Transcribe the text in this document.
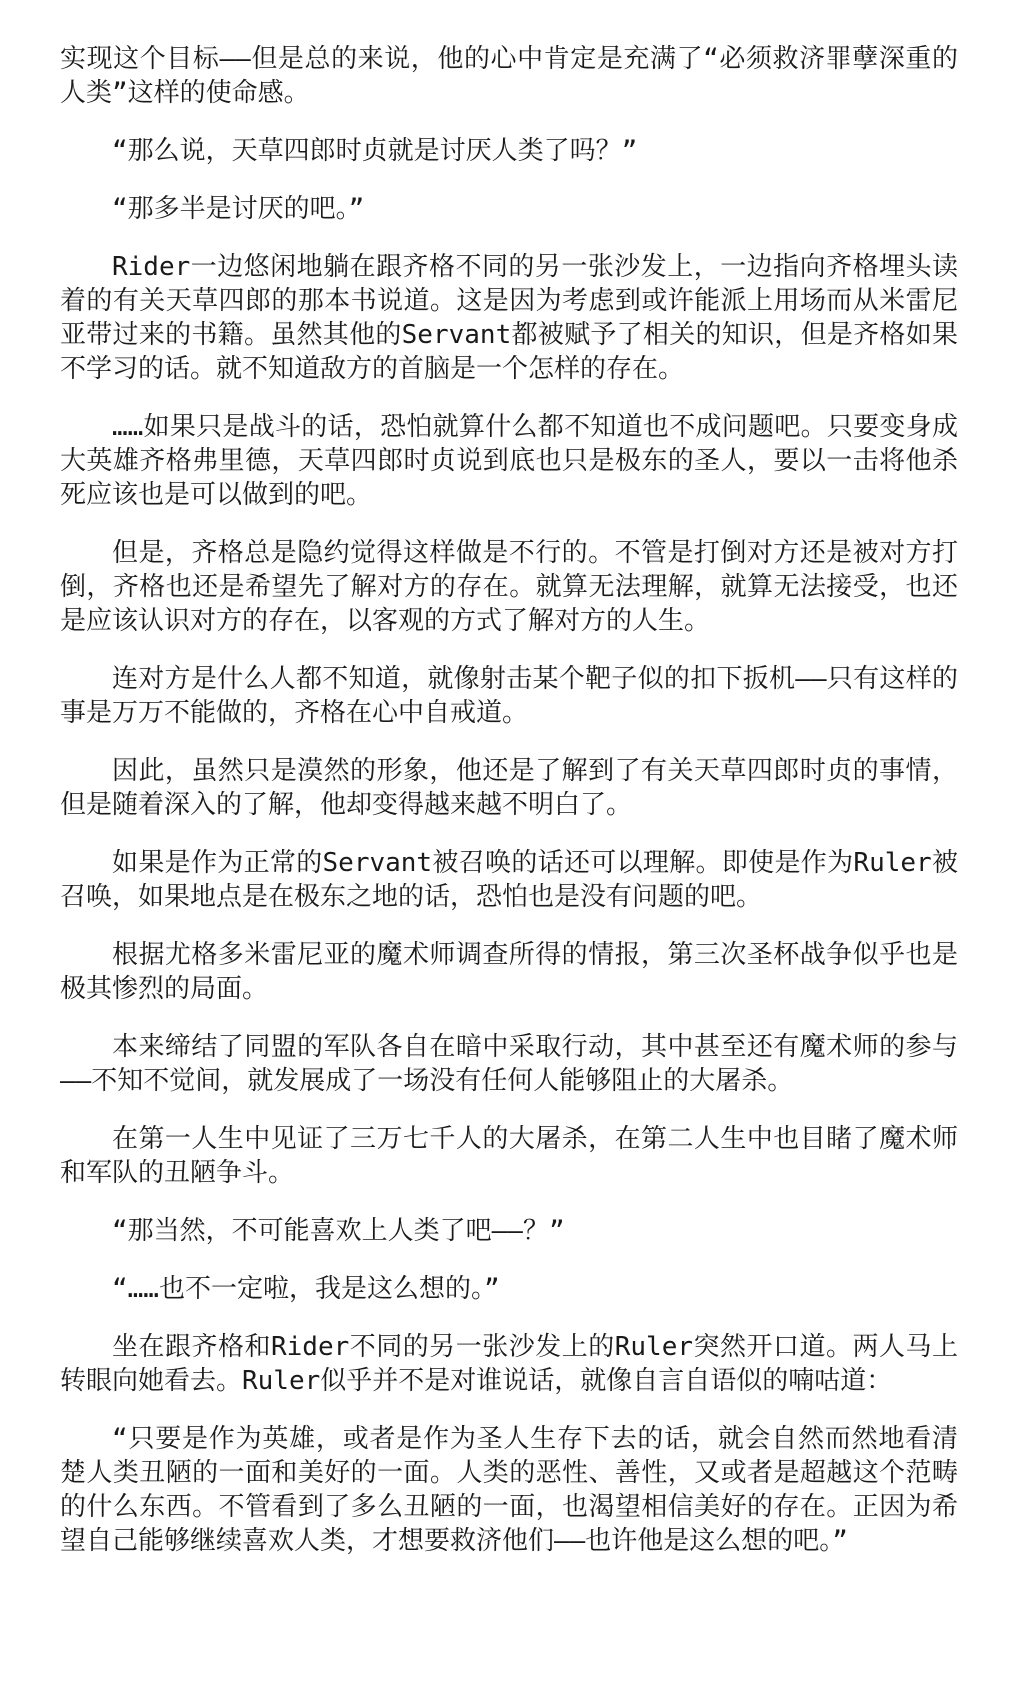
实现这个目标——但是总的来说，他的心中肯定是充满了“必须救济罪孽深重的人类”这样的使命感。

“那么说，天草四郎时贞就是讨厌人类了吗？”

“那多半是讨厌的吧。”

Rider一边悠闲地躺在跟齐格不同的另一张沙发上，一边指向齐格埋头读着的有关天草四郎的那本书说道。这是因为考虑到或许能派上用场而从米雷尼亚带过来的书籍。虽然其他的Servant都被赋予了相关的知识，但是齐格如果不学习的话。就不知道敌方的首脑是一个怎样的存在。

……如果只是战斗的话，恐怕就算什么都不知道也不成问题吧。只要变身成大英雄齐格弗里德，天草四郎时贞说到底也只是极东的圣人，要以一击将他杀死应该也是可以做到的吧。

但是，齐格总是隐约觉得这样做是不行的。不管是打倒对方还是被对方打倒，齐格也还是希望先了解对方的存在。就算无法理解，就算无法接受，也还是应该认识对方的存在，以客观的方式了解对方的人生。

连对方是什么人都不知道，就像射击某个靶子似的扣下扳机——只有这样的事是万万不能做的，齐格在心中自戒道。

因此，虽然只是漠然的形象，他还是了解到了有关天草四郎时贞的事情，但是随着深入的了解，他却变得越来越不明白了。

如果是作为正常的Servant被召唤的话还可以理解。即使是作为Ruler被召唤，如果地点是在极东之地的话，恐怕也是没有问题的吧。

根据尤格多米雷尼亚的魔术师调查所得的情报，第三次圣杯战争似乎也是极其惨烈的局面。

本来缔结了同盟的军队各自在暗中采取行动，其中甚至还有魔术师的参与——不知不觉间，就发展成了一场没有任何人能够阻止的大屠杀。

在第一人生中见证了三万七千人的大屠杀，在第二人生中也目睹了魔术师和军队的丑陋争斗。

“那当然，不可能喜欢上人类了吧——？”

“……也不一定啦，我是这么想的。”

坐在跟齐格和Rider不同的另一张沙发上的Ruler突然开口道。两人马上转眼向她看去。Ruler似乎并不是对谁说话，就像自言自语似的喃咕道：

“只要是作为英雄，或者是作为圣人生存下去的话，就会自然而然地看清楚人类丑陋的一面和美好的一面。人类的恶性、善性，又或者是超越这个范畴的什么东西。不管看到了多么丑陋的一面，也渴望相信美好的存在。正因为希望自己能够继续喜欢人类，才想要救济他们——也许他是这么想的吧。”
